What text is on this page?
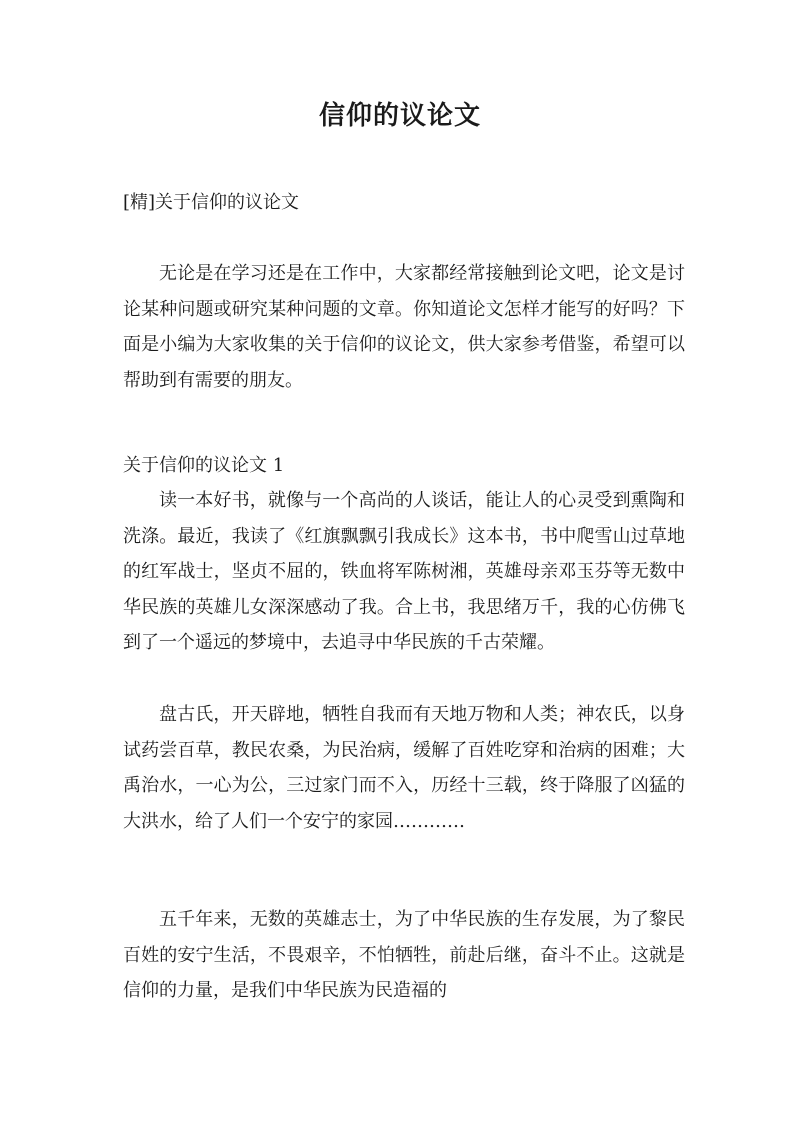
信仰的议论文

[精]关于信仰的议论文

无论是在学习还是在工作中，大家都经常接触到论文吧，论文是讨论某种问题或研究某种问题的文章。你知道论文怎样才能写的好吗？下面是小编为大家收集的关于信仰的议论文，供大家参考借鉴，希望可以帮助到有需要的朋友。

关于信仰的议论文 1

读一本好书，就像与一个高尚的人谈话，能让人的心灵受到熏陶和洗涤。最近，我读了《红旗飘飘引我成长》这本书，书中爬雪山过草地的红军战士，坚贞不屈的，铁血将军陈树湘，英雄母亲邓玉芬等无数中华民族的英雄儿女深深感动了我。合上书，我思绪万千，我的心仿佛飞到了一个遥远的梦境中，去追寻中华民族的千古荣耀。

盘古氏，开天辟地，牺牲自我而有天地万物和人类；神农氏，以身试药尝百草，教民农桑，为民治病，缓解了百姓吃穿和治病的困难；大禹治水，一心为公，三过家门而不入，历经十三载，终于降服了凶猛的大洪水，给了人们一个安宁的家园…………

五千年来，无数的英雄志士，为了中华民族的生存发展，为了黎民百姓的安宁生活，不畏艰辛，不怕牺牲，前赴后继，奋斗不止。这就是信仰的力量，是我们中华民族为民造福的
